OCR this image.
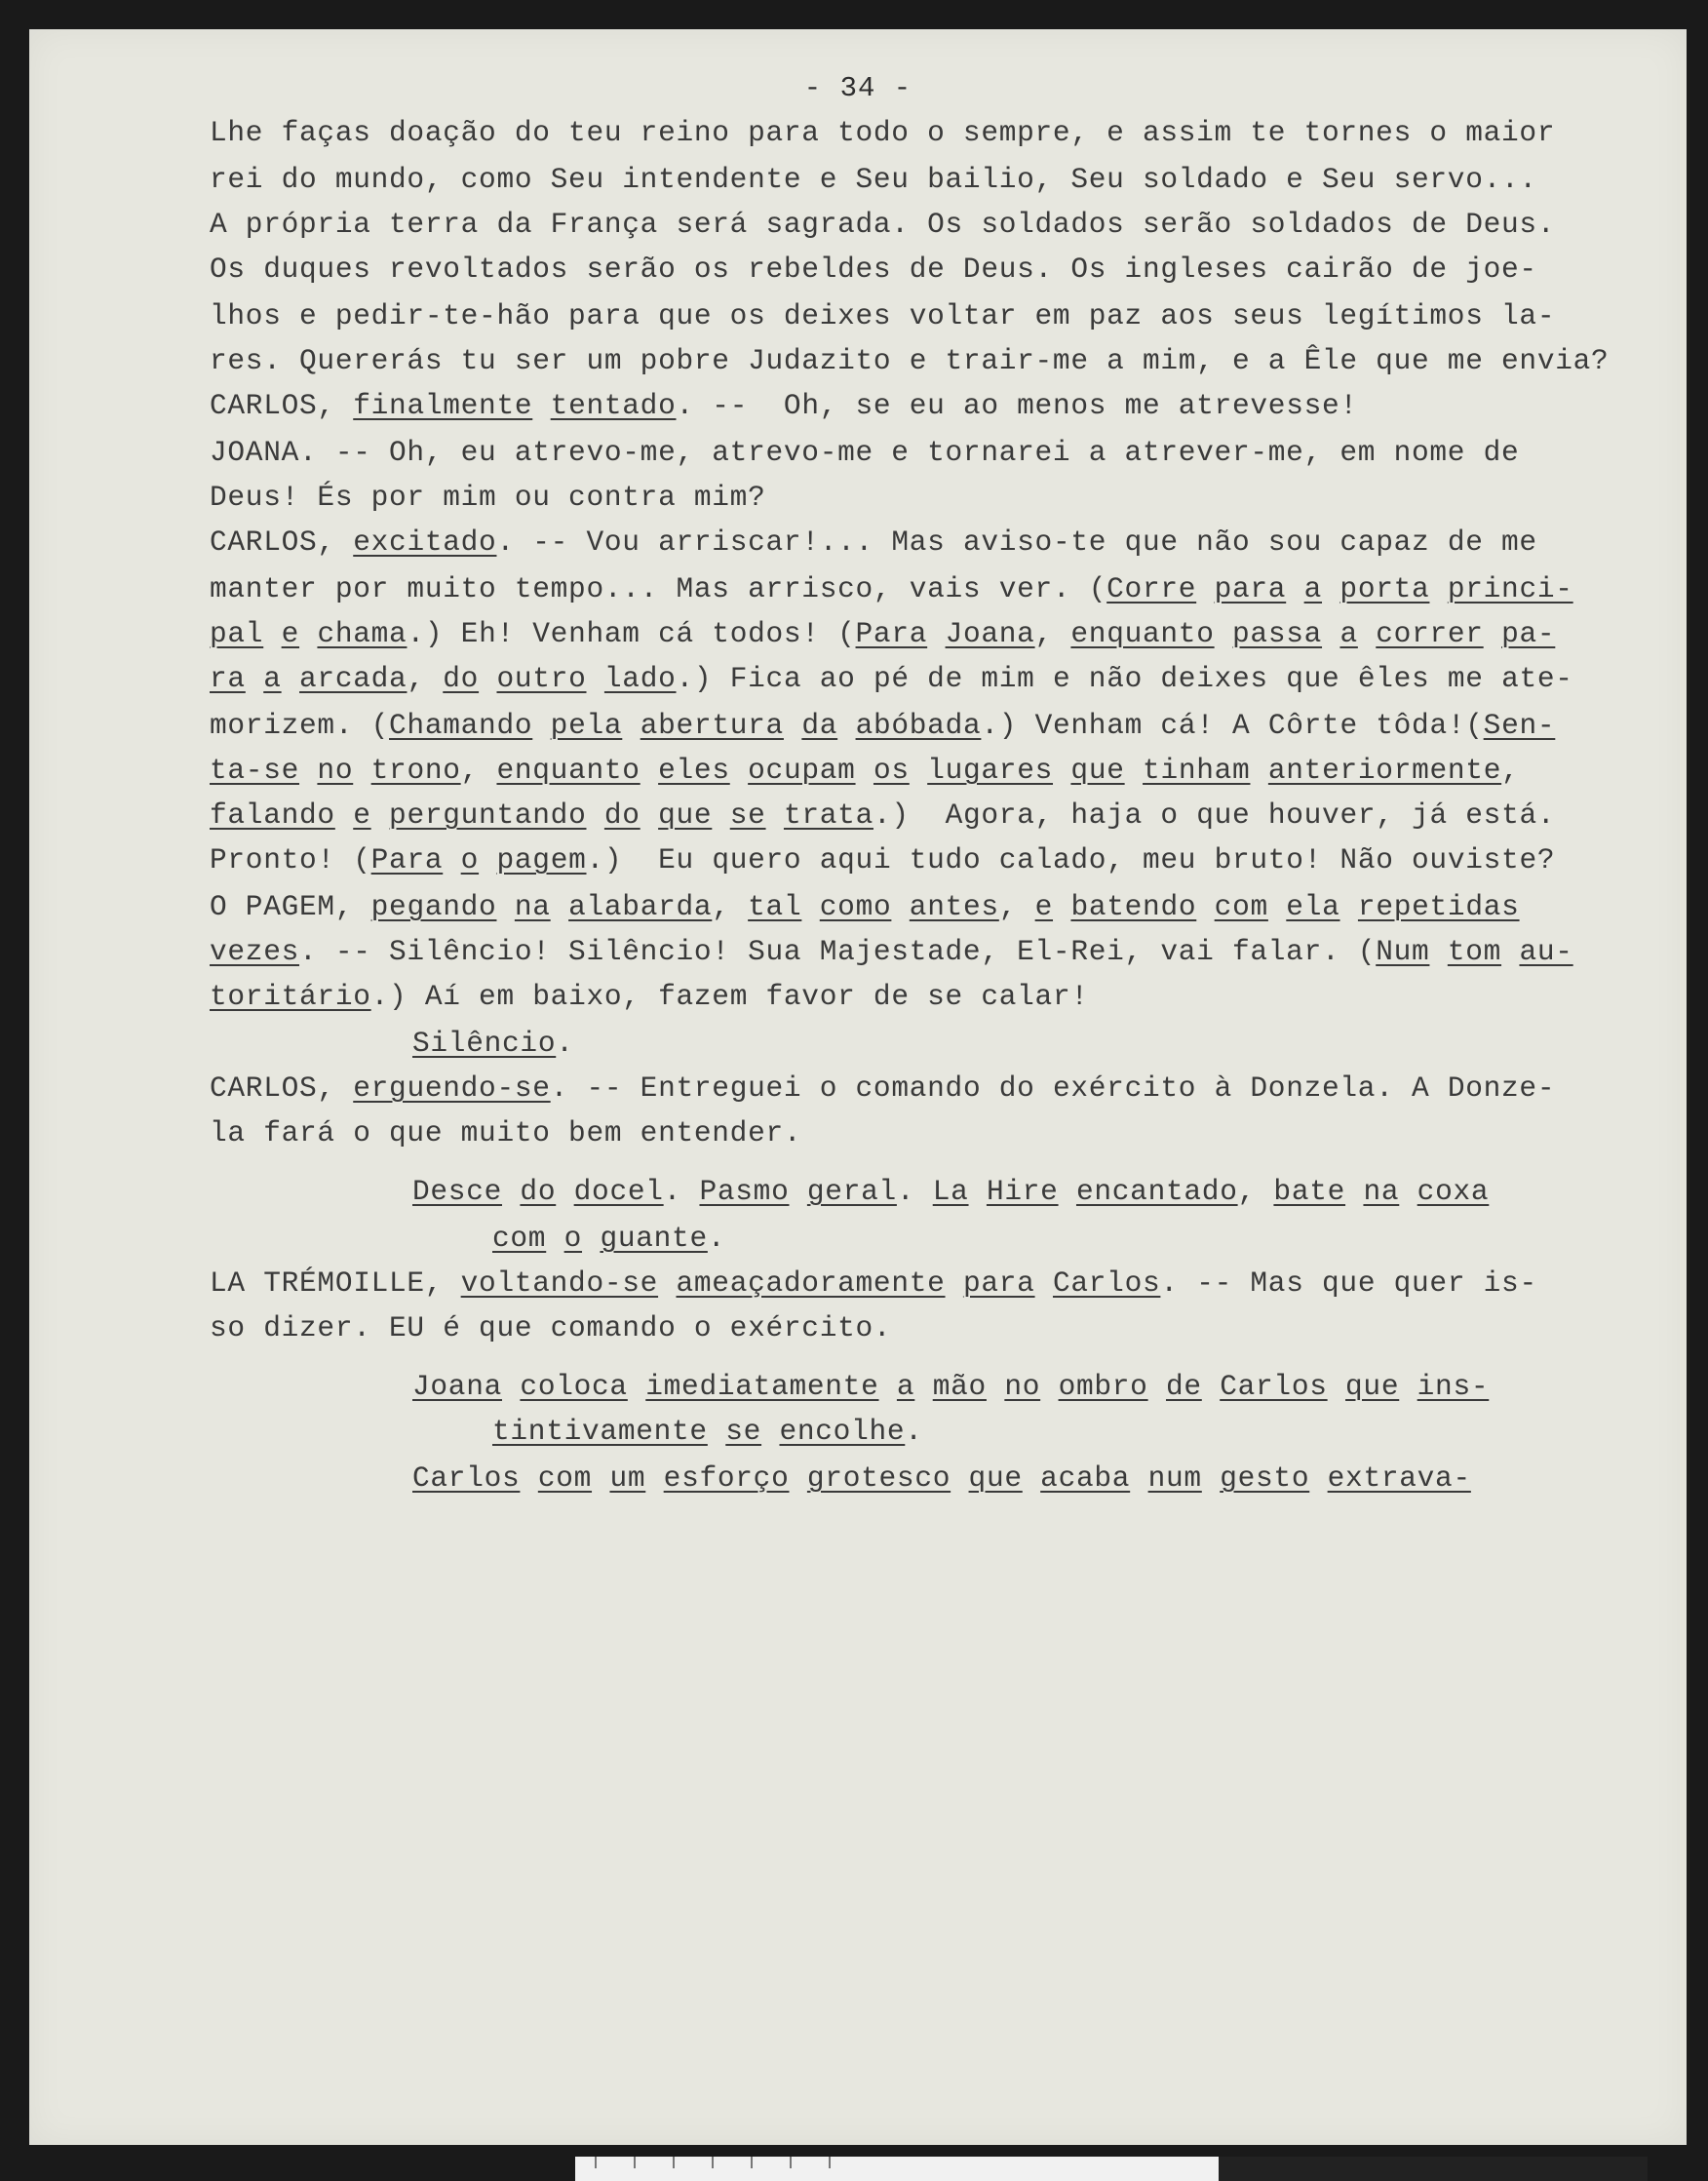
- 34 -
Lhe faças doação do teu reino para todo o sempre, e assim te tornes o maior
rei do mundo, como Seu intendente e Seu bailio, Seu soldado e Seu servo...
A própria terra da França será sagrada. Os soldados serão soldados de Deus.
Os duques revoltados serão os rebeldes de Deus. Os ingleses cairão de joe-
lhos e pedir-te-hão para que os deixes voltar em paz aos seus legítimos la-
res. Quererás tu ser um pobre Judazito e trair-me a mim, e a Êle que me envia?
CARLOS, finalmente tentado. --  Oh, se eu ao menos me atrevesse!
JOANA. -- Oh, eu atrevo-me, atrevo-me e tornarei a atrever-me, em nome de
Deus! És por mim ou contra mim?
CARLOS, excitado. -- Vou arriscar!... Mas aviso-te que não sou capaz de me
manter por muito tempo... Mas arrisco, vais ver. (Corre para a porta princi-
pal e chama.) Eh! Venham cá todos! (Para Joana, enquanto passa a correr pa-
ra a arcada, do outro lado.) Fica ao pé de mim e não deixes que êles me ate-
morizem. (Chamando pela abertura da abóbada.) Venham cá! A Côrte tôda!(Sen-
ta-se no trono, enquanto eles ocupam os lugares que tinham anteriormente,
falando e perguntando do que se trata.)  Agora, haja o que houver, já está.
Pronto! (Para o pagem.)  Eu quero aqui tudo calado, meu bruto! Não ouviste?
O PAGEM, pegando na alabarda, tal como antes, e batendo com ela repetidas
vezes. -- Silêncio! Silêncio! Sua Majestade, El-Rei, vai falar. (Num tom au-
toritário.) Aí em baixo, fazem favor de se calar!
Silêncio.
CARLOS, erguendo-se. -- Entreguei o comando do exército à Donzela. A Donze-
la fará o que muito bem entender.
Desce do docel. Pasmo geral. La Hire encantado, bate na coxa
com o guante.
LA TRÉMOILLE, voltando-se ameaçadoramente para Carlos. -- Mas que quer is-
so dizer. EU é que comando o exército.
Joana coloca imediatamente a mão no ombro de Carlos que ins-
tintivamente se encolhe.
Carlos com um esforço grotesco que acaba num gesto extrava-
